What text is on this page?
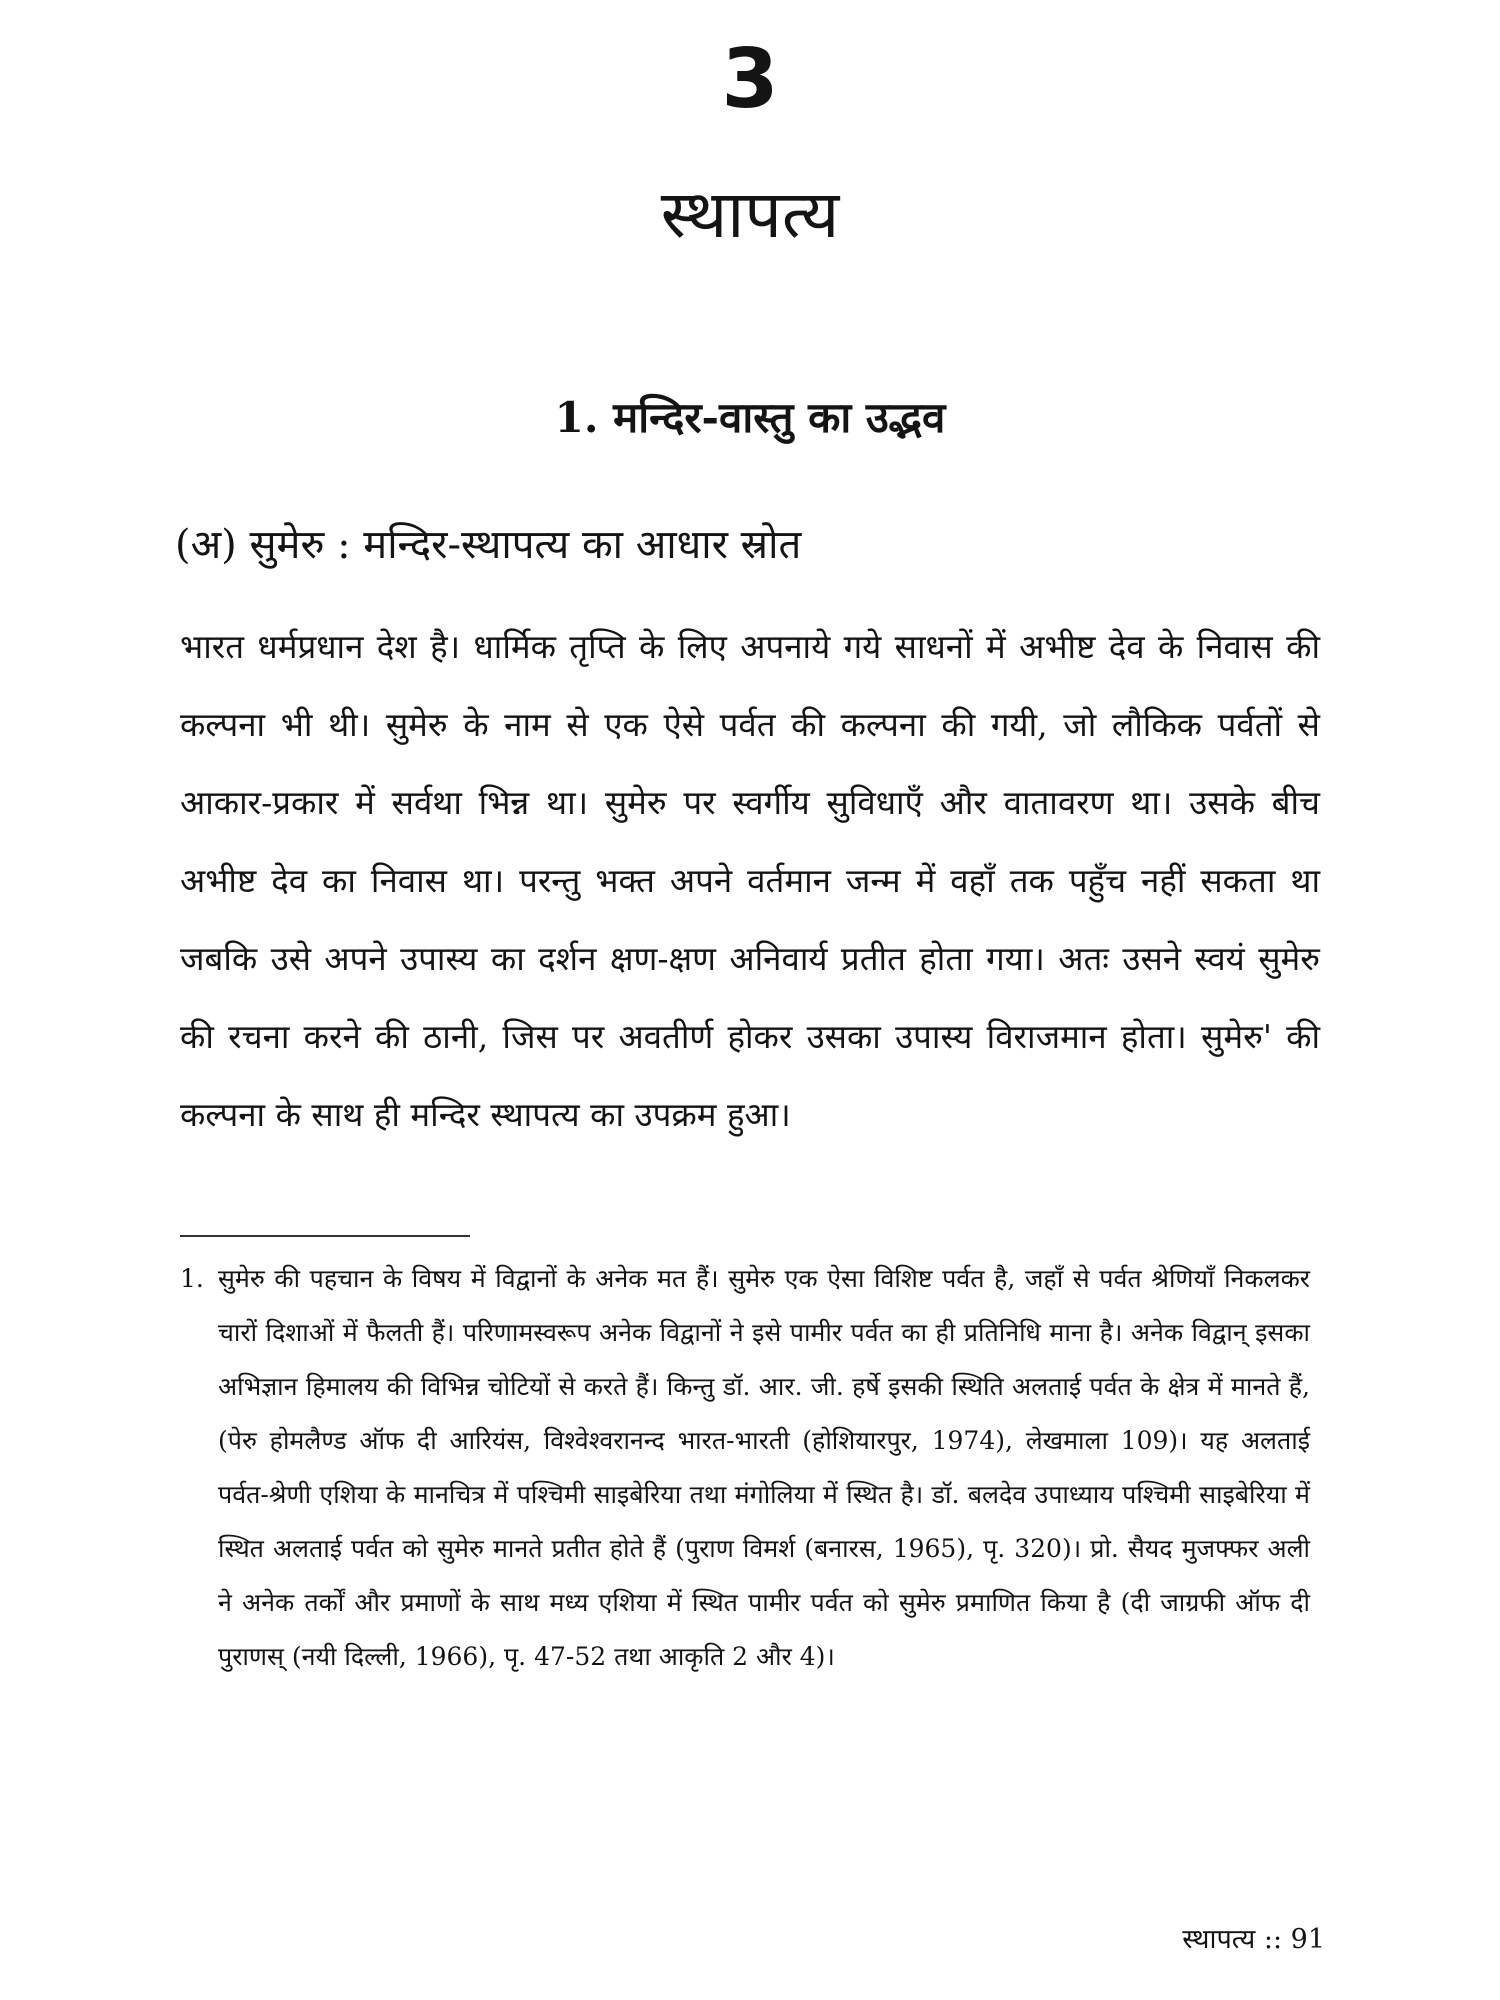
3
स्थापत्य
1. मन्दिर-वास्तु का उद्भव
(अ) सुमेरु : मन्दिर-स्थापत्य का आधार स्रोत

भारत धर्मप्रधान देश है। धार्मिक तृप्ति के लिए अपनाये गये साधनों में अभीष्ट देव के निवास की कल्पना भी थी। सुमेरु के नाम से एक ऐसे पर्वत की कल्पना की गयी, जो लौकिक पर्वतों से आकार-प्रकार में सर्वथा भिन्न था। सुमेरु पर स्वर्गीय सुविधाएँ और वातावरण था। उसके बीच अभीष्ट देव का निवास था। परन्तु भक्त अपने वर्तमान जन्म में वहाँ तक पहुँच नहीं सकता था जबकि उसे अपने उपास्य का दर्शन क्षण-क्षण अनिवार्य प्रतीत होता गया। अतः उसने स्वयं सुमेरु की रचना करने की ठानी, जिस पर अवतीर्ण होकर उसका उपास्य विराजमान होता। सुमेरु' की कल्पना के साथ ही मन्दिर स्थापत्य का उपक्रम हुआ।

1. सुमेरु की पहचान के विषय में विद्वानों के अनेक मत हैं। सुमेरु एक ऐसा विशिष्ट पर्वत है, जहाँ से पर्वत श्रेणियाँ निकलकर चारों दिशाओं में फैलती हैं। परिणामस्वरूप अनेक विद्वानों ने इसे पामीर पर्वत का ही प्रतिनिधि माना है। अनेक विद्वान् इसका अभिज्ञान हिमालय की विभिन्न चोटियों से करते हैं। किन्तु डॉ. आर. जी. हर्षे इसकी स्थिति अलताई पर्वत के क्षेत्र में मानते हैं, (पेरु होमलैण्ड ऑफ दी आरियंस, विश्वेश्वरानन्द भारत-भारती (होशियारपुर, 1974), लेखमाला 109)। यह अलताई पर्वत-श्रेणी एशिया के मानचित्र में पश्चिमी साइबेरिया तथा मंगोलिया में स्थित है। डॉ. बलदेव उपाध्याय पश्चिमी साइबेरिया में स्थित अलताई पर्वत को सुमेरु मानते प्रतीत होते हैं (पुराण विमर्श (बनारस, 1965), पृ. 320)। प्रो. सैयद मुजफ्फर अली ने अनेक तर्कों और प्रमाणों के साथ मध्य एशिया में स्थित पामीर पर्वत को सुमेरु प्रमाणित किया है (दी जाग्रफी ऑफ दी पुराणस् (नयी दिल्ली, 1966), पृ. 47-52 तथा आकृति 2 और 4)।

स्थापत्य :: 91
